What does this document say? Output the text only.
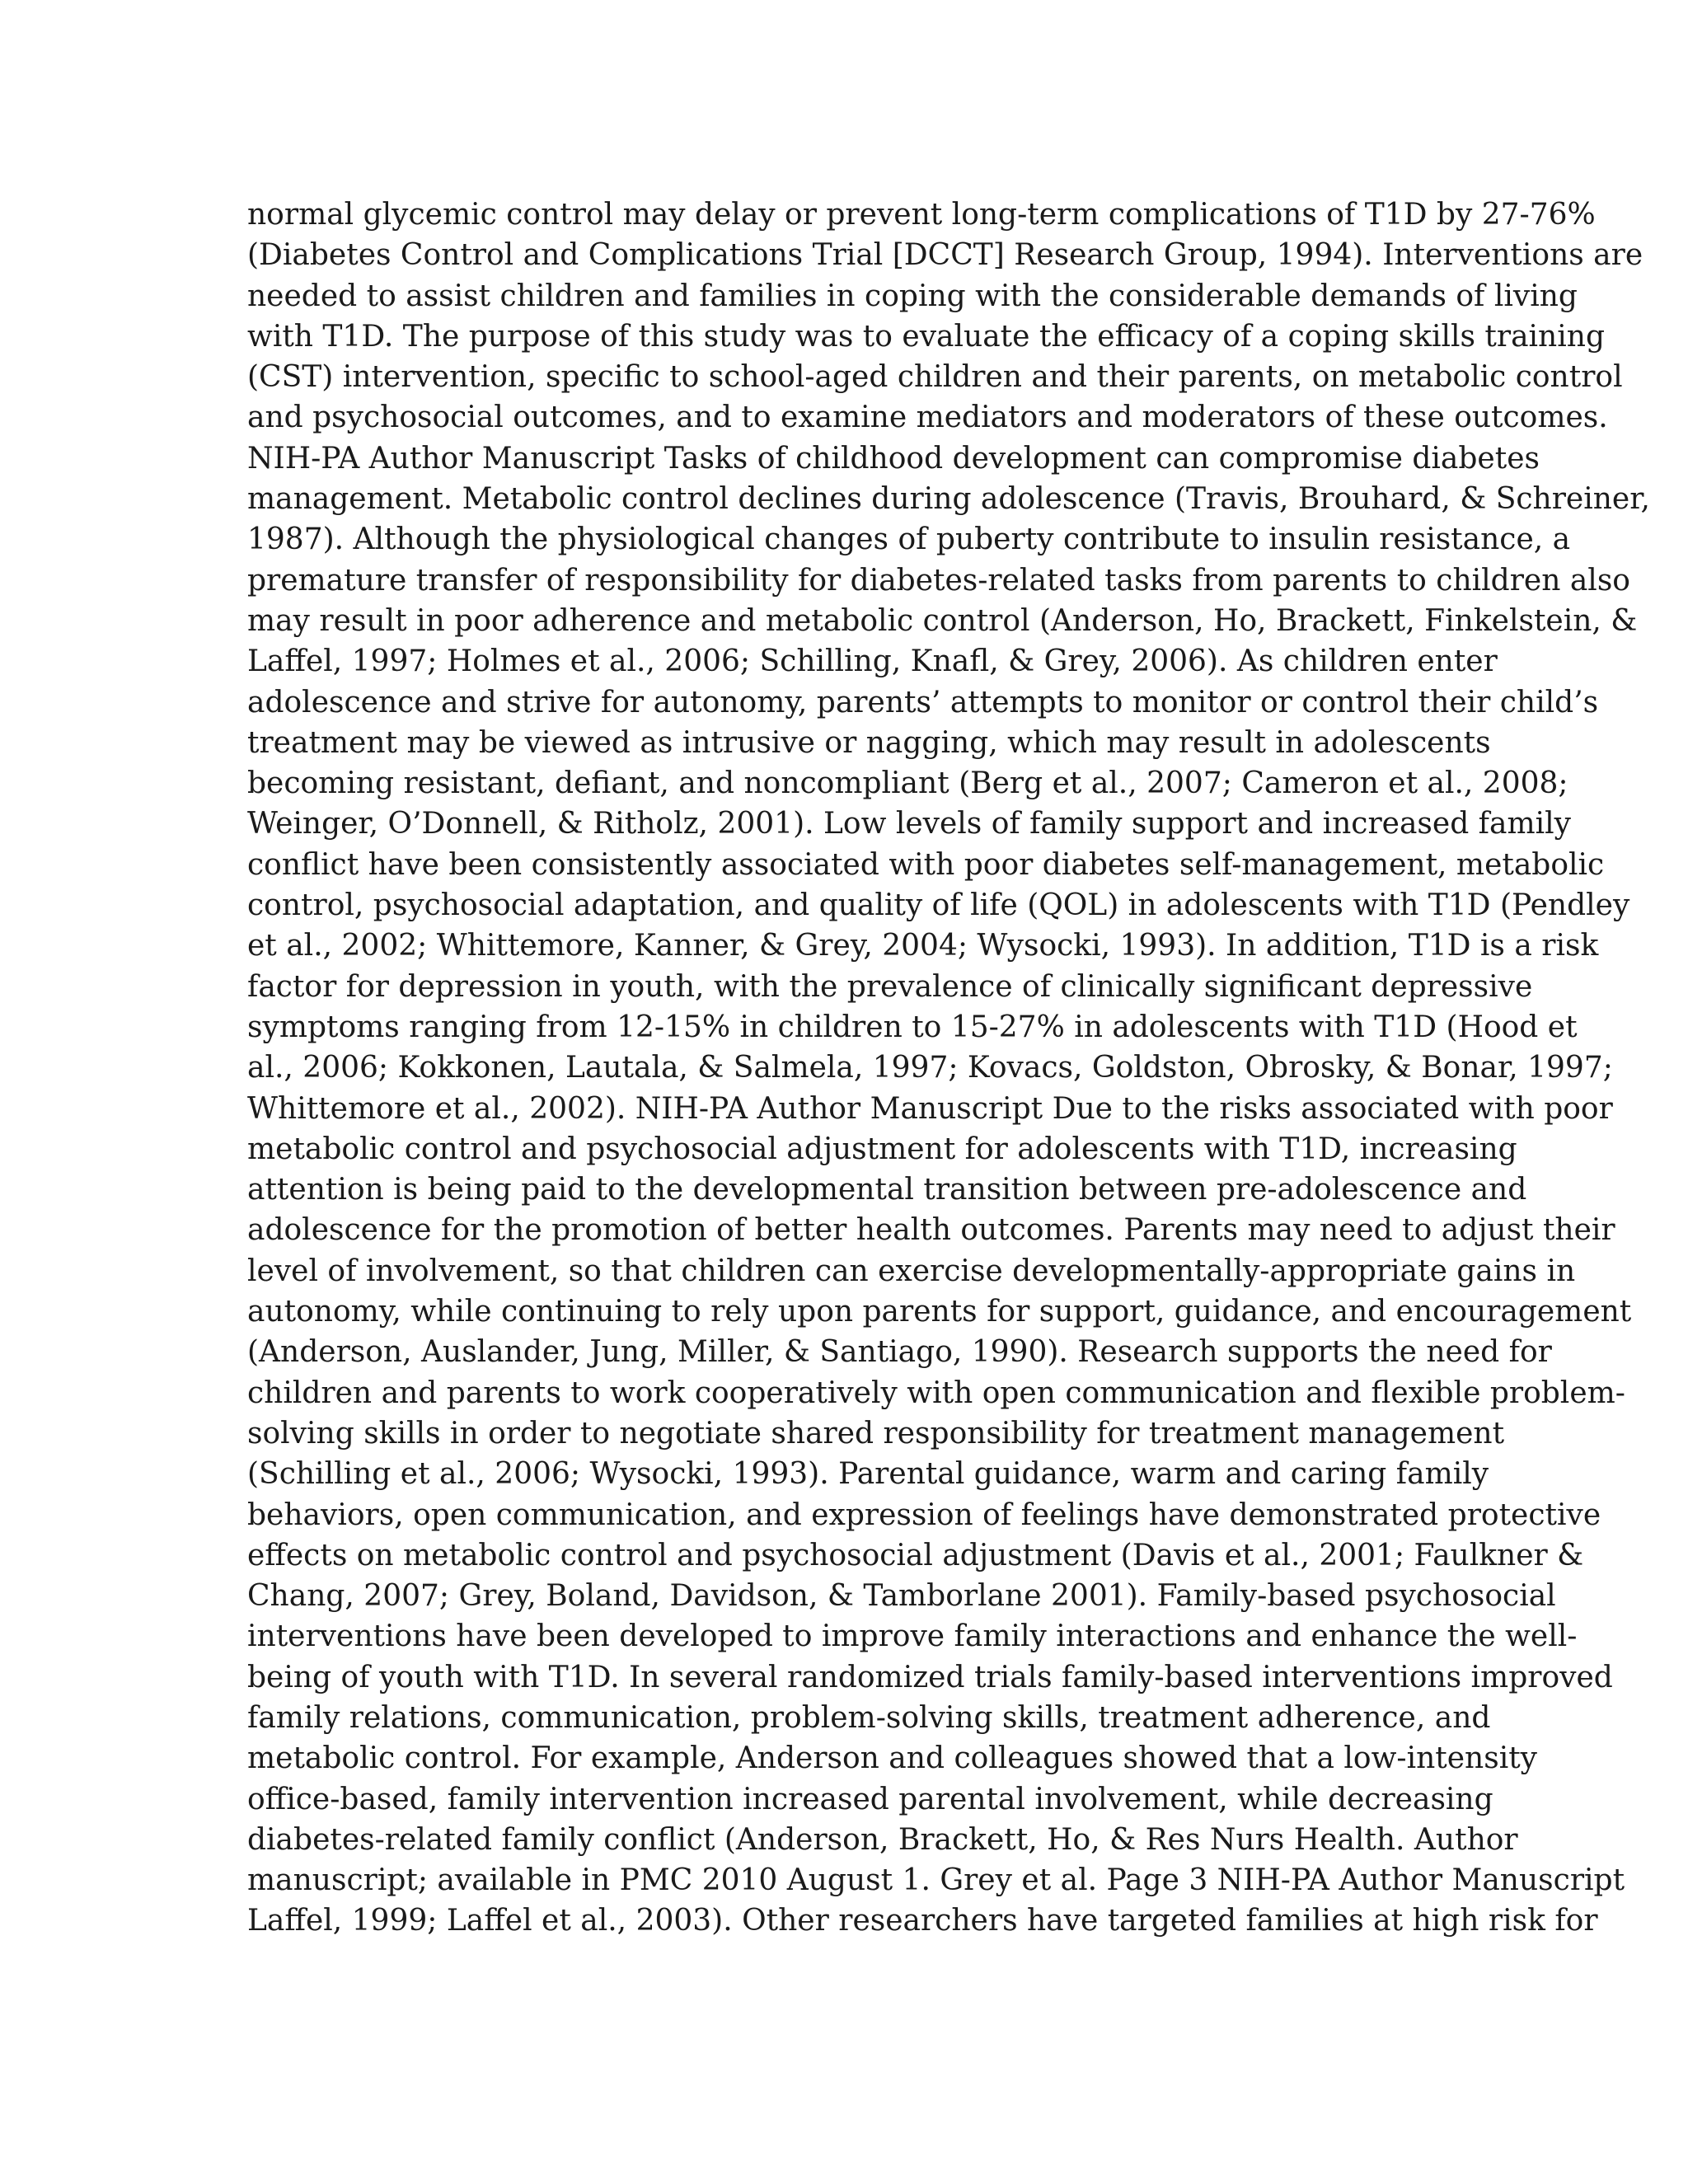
normal glycemic control may delay or prevent long-term complications of T1D by 27-76%
(Diabetes Control and Complications Trial [DCCT] Research Group, 1994). Interventions are
needed to assist children and families in coping with the considerable demands of living
with T1D. The purpose of this study was to evaluate the efficacy of a coping skills training
(CST) intervention, specific to school-aged children and their parents, on metabolic control
and psychosocial outcomes, and to examine mediators and moderators of these outcomes.
NIH-PA Author Manuscript Tasks of childhood development can compromise diabetes
management. Metabolic control declines during adolescence (Travis, Brouhard, & Schreiner,
1987). Although the physiological changes of puberty contribute to insulin resistance, a
premature transfer of responsibility for diabetes-related tasks from parents to children also
may result in poor adherence and metabolic control (Anderson, Ho, Brackett, Finkelstein, &
Laffel, 1997; Holmes et al., 2006; Schilling, Knafl, & Grey, 2006). As children enter
adolescence and strive for autonomy, parents’ attempts to monitor or control their child’s
treatment may be viewed as intrusive or nagging, which may result in adolescents
becoming resistant, defiant, and noncompliant (Berg et al., 2007; Cameron et al., 2008;
Weinger, O’Donnell, & Ritholz, 2001). Low levels of family support and increased family
conflict have been consistently associated with poor diabetes self-management, metabolic
control, psychosocial adaptation, and quality of life (QOL) in adolescents with T1D (Pendley
et al., 2002; Whittemore, Kanner, & Grey, 2004; Wysocki, 1993). In addition, T1D is a risk
factor for depression in youth, with the prevalence of clinically significant depressive
symptoms ranging from 12-15% in children to 15-27% in adolescents with T1D (Hood et
al., 2006; Kokkonen, Lautala, & Salmela, 1997; Kovacs, Goldston, Obrosky, & Bonar, 1997;
Whittemore et al., 2002). NIH-PA Author Manuscript Due to the risks associated with poor
metabolic control and psychosocial adjustment for adolescents with T1D, increasing
attention is being paid to the developmental transition between pre-adolescence and
adolescence for the promotion of better health outcomes. Parents may need to adjust their
level of involvement, so that children can exercise developmentally-appropriate gains in
autonomy, while continuing to rely upon parents for support, guidance, and encouragement
(Anderson, Auslander, Jung, Miller, & Santiago, 1990). Research supports the need for
children and parents to work cooperatively with open communication and flexible problem-
solving skills in order to negotiate shared responsibility for treatment management
(Schilling et al., 2006; Wysocki, 1993). Parental guidance, warm and caring family
behaviors, open communication, and expression of feelings have demonstrated protective
effects on metabolic control and psychosocial adjustment (Davis et al., 2001; Faulkner &
Chang, 2007; Grey, Boland, Davidson, & Tamborlane 2001). Family-based psychosocial
interventions have been developed to improve family interactions and enhance the well-
being of youth with T1D. In several randomized trials family-based interventions improved
family relations, communication, problem-solving skills, treatment adherence, and
metabolic control. For example, Anderson and colleagues showed that a low-intensity
office-based, family intervention increased parental involvement, while decreasing
diabetes-related family conflict (Anderson, Brackett, Ho, & Res Nurs Health. Author
manuscript; available in PMC 2010 August 1. Grey et al. Page 3 NIH-PA Author Manuscript
Laffel, 1999; Laffel et al., 2003). Other researchers have targeted families at high risk for
